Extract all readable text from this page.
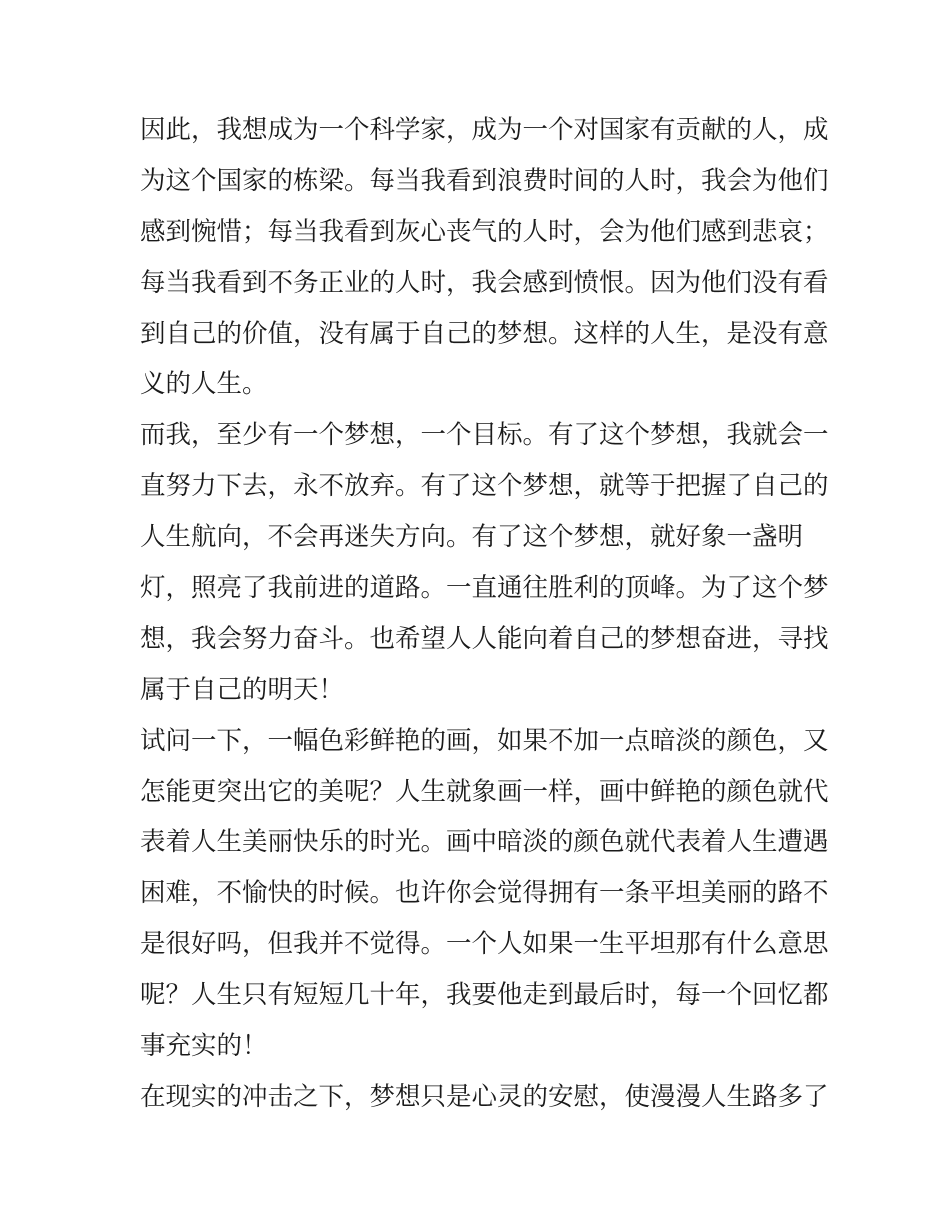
因此，我想成为一个科学家，成为一个对国家有贡献的人，成
为这个国家的栋梁。每当我看到浪费时间的人时，我会为他们
感到惋惜；每当我看到灰心丧气的人时，会为他们感到悲哀；
每当我看到不务正业的人时，我会感到愤恨。因为他们没有看
到自己的价值，没有属于自己的梦想。这样的人生，是没有意
义的人生。
而我，至少有一个梦想，一个目标。有了这个梦想，我就会一
直努力下去，永不放弃。有了这个梦想，就等于把握了自己的
人生航向，不会再迷失方向。有了这个梦想，就好象一盏明
灯，照亮了我前进的道路。一直通往胜利的顶峰。为了这个梦
想，我会努力奋斗。也希望人人能向着自己的梦想奋进，寻找
属于自己的明天！
试问一下，一幅色彩鲜艳的画，如果不加一点暗淡的颜色，又
怎能更突出它的美呢？人生就象画一样，画中鲜艳的颜色就代
表着人生美丽快乐的时光。画中暗淡的颜色就代表着人生遭遇
困难，不愉快的时候。也许你会觉得拥有一条平坦美丽的路不
是很好吗，但我并不觉得。一个人如果一生平坦那有什么意思
呢？人生只有短短几十年，我要他走到最后时，每一个回忆都
事充实的！
在现实的冲击之下，梦想只是心灵的安慰，使漫漫人生路多了
